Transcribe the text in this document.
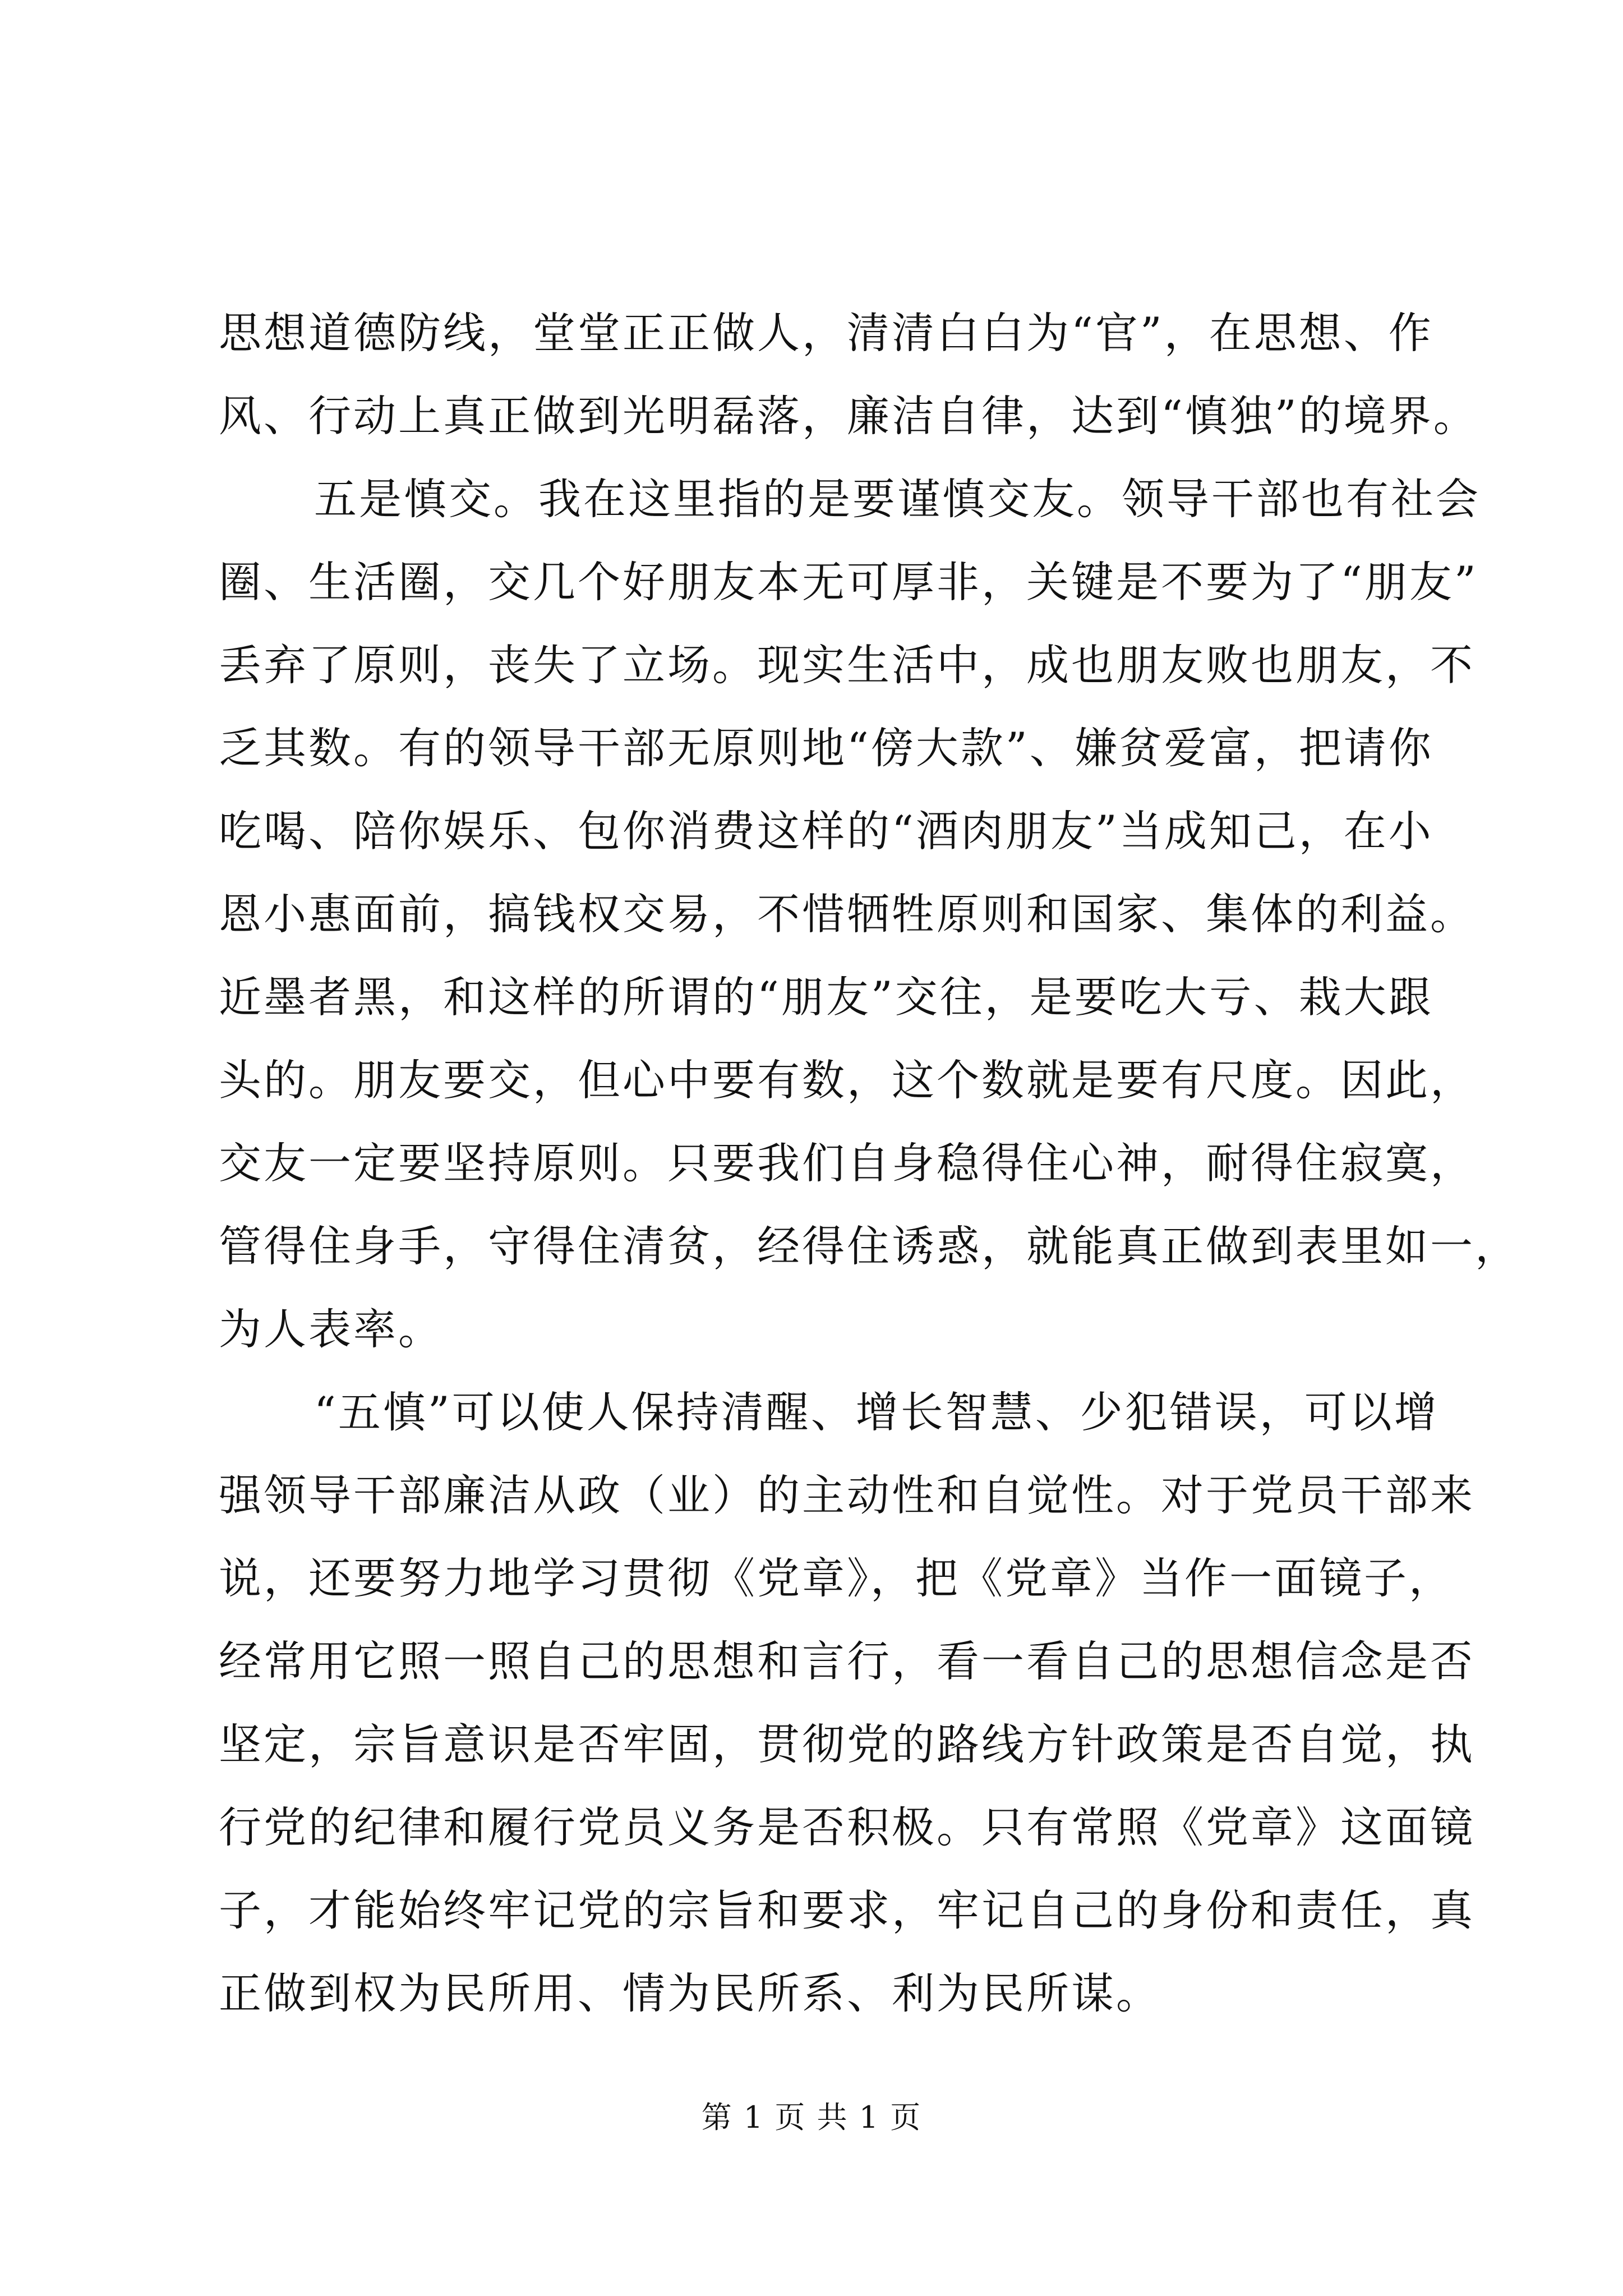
思想道德防线，堂堂正正做人，清清白白为“官”，在思想、作
风、行动上真正做到光明磊落，廉洁自律，达到“慎独”的境界。
五是慎交。我在这里指的是要谨慎交友。领导干部也有社会
圈、生活圈，交几个好朋友本无可厚非，关键是不要为了“朋友”
丢弃了原则，丧失了立场。现实生活中，成也朋友败也朋友，不
乏其数。有的领导干部无原则地“傍大款”、嫌贫爱富，把请你
吃喝、陪你娱乐、包你消费这样的“酒肉朋友”当成知己，在小
恩小惠面前，搞钱权交易，不惜牺牲原则和国家、集体的利益。
近墨者黑，和这样的所谓的“朋友”交往，是要吃大亏、栽大跟
头的。朋友要交，但心中要有数，这个数就是要有尺度。因此，
交友一定要坚持原则。只要我们自身稳得住心神，耐得住寂寞，
管得住身手，守得住清贫，经得住诱惑，就能真正做到表里如一，
为人表率。
“五慎”可以使人保持清醒、增长智慧、少犯错误，可以增
强领导干部廉洁从政（业）的主动性和自觉性。对于党员干部来
说，还要努力地学习贯彻《党章》，把《党章》当作一面镜子，
经常用它照一照自己的思想和言行，看一看自己的思想信念是否
坚定，宗旨意识是否牢固，贯彻党的路线方针政策是否自觉，执
行党的纪律和履行党员义务是否积极。只有常照《党章》这面镜
子，才能始终牢记党的宗旨和要求，牢记自己的身份和责任，真
正做到权为民所用、情为民所系、利为民所谋。
第 1 页 共 1 页
